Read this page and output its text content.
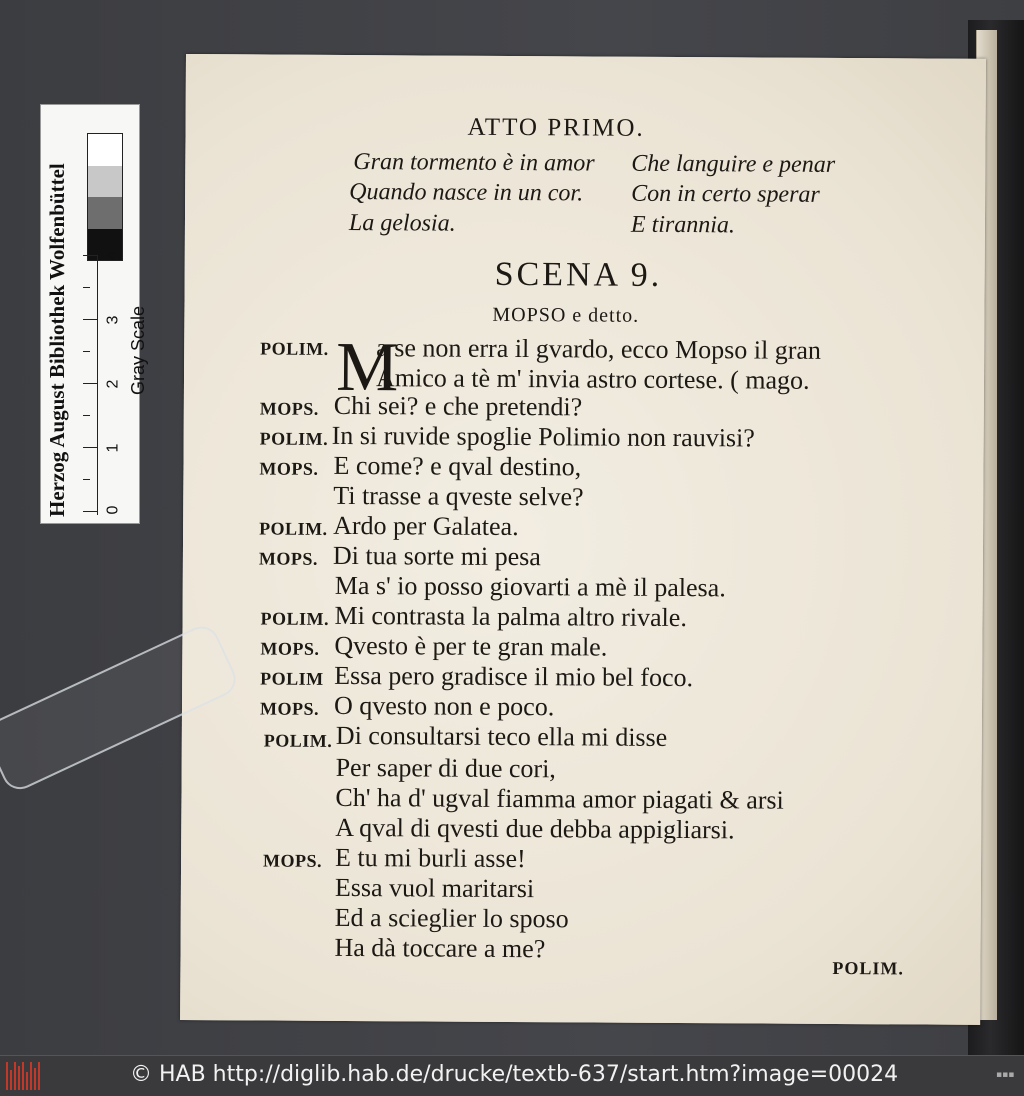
ATTO PRIMO.
Gran tormento è in amor
Quando nasce in un cor.
La gelosia.
Che languire e penar
Con in certo sperar
E tirannia.
SCENA 9.
MOPSO e detto.
POLIM. M
a se non erra il gvardo, ecco Mopso il gran
Amico a tè m' invia astro cortese. ( mago.
MOPS. Chi sei? e che pretendi?
POLIM. In si ruvide spoglie Polimio non rauvisi?
MOPS. E come? e qval destino,
Ti trasse a qveste selve?
POLIM. Ardo per Galatea.
MOPS. Di tua sorte mi pesa
Ma s' io posso giovarti a mè il palesa.
POLIM. Mi contrasta la palma altro rivale.
MOPS. Qvesto è per te gran male.
POLIM Essa pero gradisce il mio bel foco.
MOPS. O qvesto non e poco.
POLIM. Di consultarsi teco ella mi disse
Per saper di due cori,
Ch' ha d' ugval fiamma amor piagati & arsi
A qval di qvesti due debba appigliarsi.
MOPS. E tu mi burli asse!
Essa vuol maritarsi
Ed a scieglier lo sposo
Ha dà toccare a me?
POLIM.
Herzog August Bibliothek Wolfenbüttel	Gray Scale
0
1
2
3
4
© HAB http://diglib.hab.de/drucke/textb-637/start.htm?image=00024	▪▪▪
